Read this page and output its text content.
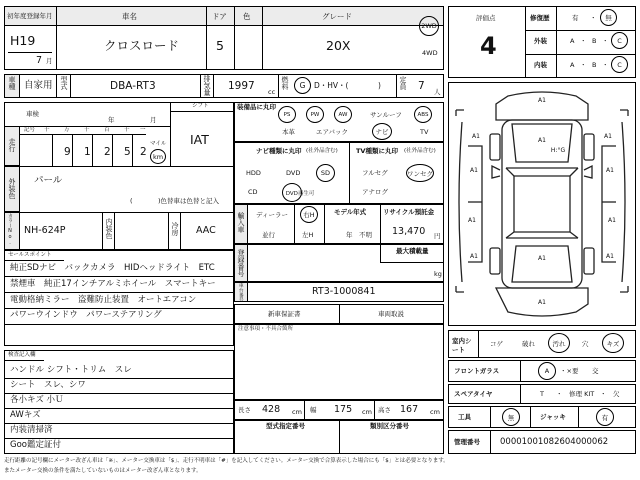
初年度登録年月	車名	ドア 色	グレード
H19
7 月
クロスロード	5	20X
2WD
4WD
車種 自家用 型式	DBA-RT3	排気量 1997 cc
燃料 G D・HV・(	)	定員 7 人
車検
年	月
シフト
IAT
走行
記号 十	万	千	百	十 一
9 1 2 5 2
マイル
km
外装色 パール
(	)色替車は色替と記入
カラーNo. NH-624P	内装色	冷房 AAC
セールスポイント
純正SDナビ　バックカメラ　HIDヘッドライト　ETC
禁煙車　純正17インチアルミホイール　スマートキー
電動格納ミラー　盗難防止装置　オートエアコン
パワーウインドウ　パワーステアリング
検査記入欄
ハンドル シフト・トリム　スレ
シート　スレ、シワ
各小キズ 小Ｕ
AWキズ
内装清掃済
Goo鑑定証付
装備品に丸印
PS	PW	AW	サンルーフ	ABS
本革	エアバック	ナビ	TV
ナビ種類に丸印 (社外品含む)	TV種類に丸印 (社外品含む)
HDD	DVD	SD
CD	DVD再生可
フルセグ	ワンセグ
アナログ
輸入車 ディーラー
並行
右H
左H
モデル年式
年　不明
リサイクル預託金
13,470 円
登録番号	最大積載量
kg
車台番号	RT3-1000841
新車保証書	車両取説
注意事項 ・不具合箇所
長さ 428 cm 幅 175 cm 高さ 167 cm
型式指定番号	類別区分番号
評価点
4
修復歴	有 ・ 無
外装	A ・ B ・ C
内装	A ・ B ・ C
A1
A1
A1	A1
A1	A1
A1	A1
A1	A1
A1
A1
H:°G
室内シート
コゲ	破れ	汚れ	穴	キズ
フロントガラス	A ・×要 交
スペアタイヤ	T ・　修理 KIT ・　欠
工具	無	ジャッキ	有
管理番号 00001001082604000062
走行距離の記号欄にメーター改ざん車は「※」、メーター交換車は「$」、走行不明車は「#」を記入してください。メーター交換で合算表示した場合にも「$」とは必要となります。
またメーター交換の条件を満たしていないものはメーター改ざん車となります。
